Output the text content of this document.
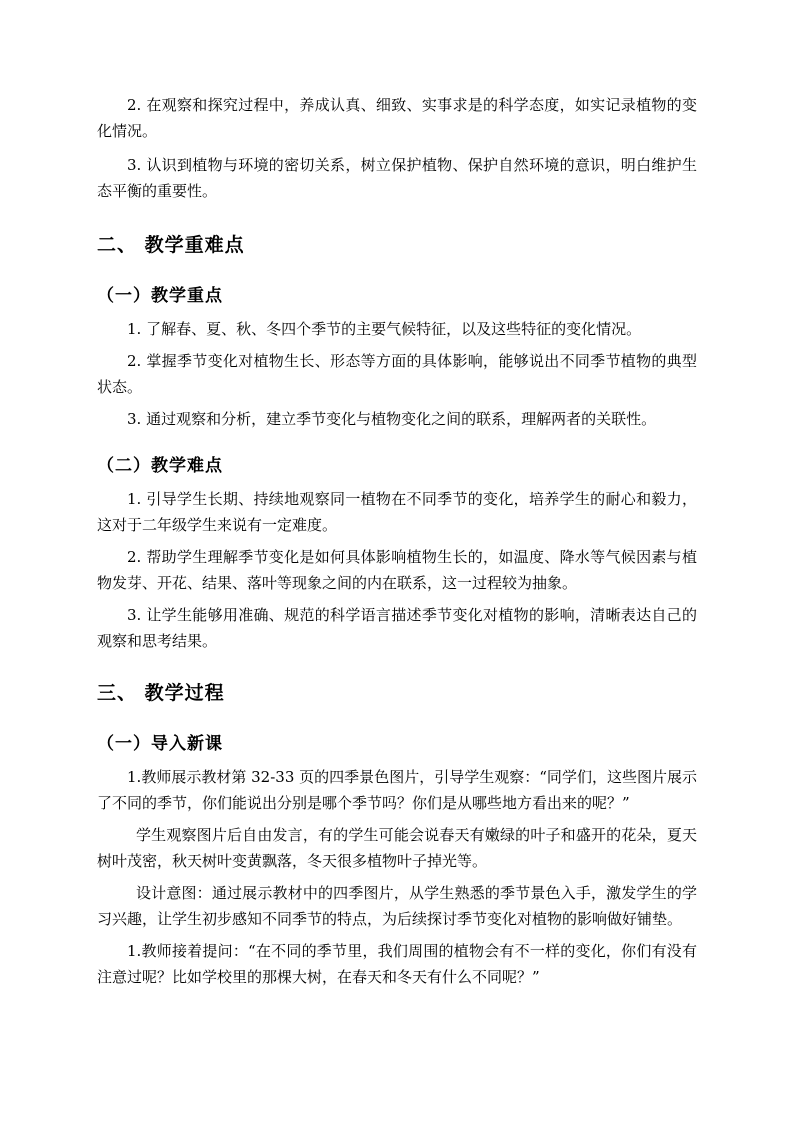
2. 在观察和探究过程中，养成认真、细致、实事求是的科学态度，如实记录植物的变化情况。

3. 认识到植物与环境的密切关系，树立保护植物、保护自然环境的意识，明白维护生态平衡的重要性。

二、 教学重难点
（一）教学重点

1. 了解春、夏、秋、冬四个季节的主要气候特征，以及这些特征的变化情况。

2. 掌握季节变化对植物生长、形态等方面的具体影响，能够说出不同季节植物的典型状态。

3. 通过观察和分析，建立季节变化与植物变化之间的联系，理解两者的关联性。

（二）教学难点

1. 引导学生长期、持续地观察同一植物在不同季节的变化，培养学生的耐心和毅力，这对于二年级学生来说有一定难度。

2. 帮助学生理解季节变化是如何具体影响植物生长的，如温度、降水等气候因素与植物发芽、开花、结果、落叶等现象之间的内在联系，这一过程较为抽象。

3. 让学生能够用准确、规范的科学语言描述季节变化对植物的影响，清晰表达自己的观察和思考结果。

三、 教学过程
（一）导入新课

1.教师展示教材第 32-33 页的四季景色图片，引导学生观察：“同学们，这些图片展示了不同的季节，你们能说出分别是哪个季节吗？你们是从哪些地方看出来的呢？”

学生观察图片后自由发言，有的学生可能会说春天有嫩绿的叶子和盛开的花朵，夏天树叶茂密，秋天树叶变黄飘落，冬天很多植物叶子掉光等。

设计意图：通过展示教材中的四季图片，从学生熟悉的季节景色入手，激发学生的学习兴趣，让学生初步感知不同季节的特点，为后续探讨季节变化对植物的影响做好铺垫。

1.教师接着提问：“在不同的季节里，我们周围的植物会有不一样的变化，你们有没有注意过呢？比如学校里的那棵大树，在春天和冬天有什么不同呢？”
